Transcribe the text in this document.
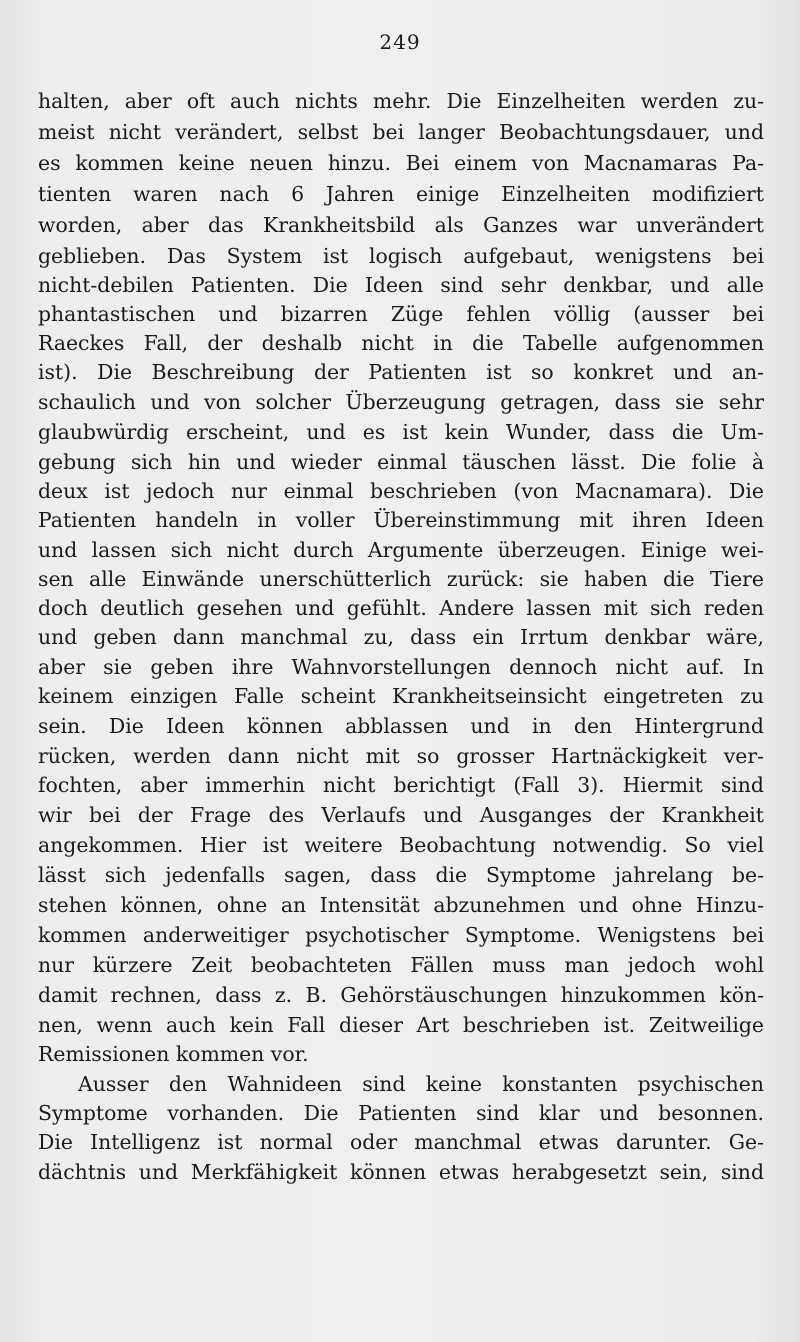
249
halten, aber oft auch nichts mehr. Die Einzelheiten werden zu-
meist nicht verändert, selbst bei langer Beobachtungsdauer, und
es kommen keine neuen hinzu. Bei einem von Macnamaras Pa-
tienten waren nach 6 Jahren einige Einzelheiten modifiziert
worden, aber das Krankheitsbild als Ganzes war unverändert
geblieben. Das System ist logisch aufgebaut, wenigstens bei
nicht-debilen Patienten. Die Ideen sind sehr denkbar, und alle
phantastischen und bizarren Züge fehlen völlig (ausser bei
Raeckes Fall, der deshalb nicht in die Tabelle aufgenommen
ist). Die Beschreibung der Patienten ist so konkret und an-
schaulich und von solcher Überzeugung getragen, dass sie sehr
glaubwürdig erscheint, und es ist kein Wunder, dass die Um-
gebung sich hin und wieder einmal täuschen lässt. Die folie à
deux ist jedoch nur einmal beschrieben (von Macnamara). Die
Patienten handeln in voller Übereinstimmung mit ihren Ideen
und lassen sich nicht durch Argumente überzeugen. Einige wei-
sen alle Einwände unerschütterlich zurück: sie haben die Tiere
doch deutlich gesehen und gefühlt. Andere lassen mit sich reden
und geben dann manchmal zu, dass ein Irrtum denkbar wäre,
aber sie geben ihre Wahnvorstellungen dennoch nicht auf. In
keinem einzigen Falle scheint Krankheitseinsicht eingetreten zu
sein. Die Ideen können abblassen und in den Hintergrund
rücken, werden dann nicht mit so grosser Hartnäckigkeit ver-
fochten, aber immerhin nicht berichtigt (Fall 3). Hiermit sind
wir bei der Frage des Verlaufs und Ausganges der Krankheit
angekommen. Hier ist weitere Beobachtung notwendig. So viel
lässt sich jedenfalls sagen, dass die Symptome jahrelang be-
stehen können, ohne an Intensität abzunehmen und ohne Hinzu-
kommen anderweitiger psychotischer Symptome. Wenigstens bei
nur kürzere Zeit beobachteten Fällen muss man jedoch wohl
damit rechnen, dass z. B. Gehörstäuschungen hinzukommen kön-
nen, wenn auch kein Fall dieser Art beschrieben ist. Zeitweilige
Remissionen kommen vor.
Ausser den Wahnideen sind keine konstanten psychischen
Symptome vorhanden. Die Patienten sind klar und besonnen.
Die Intelligenz ist normal oder manchmal etwas darunter. Ge-
dächtnis und Merkfähigkeit können etwas herabgesetzt sein, sind
